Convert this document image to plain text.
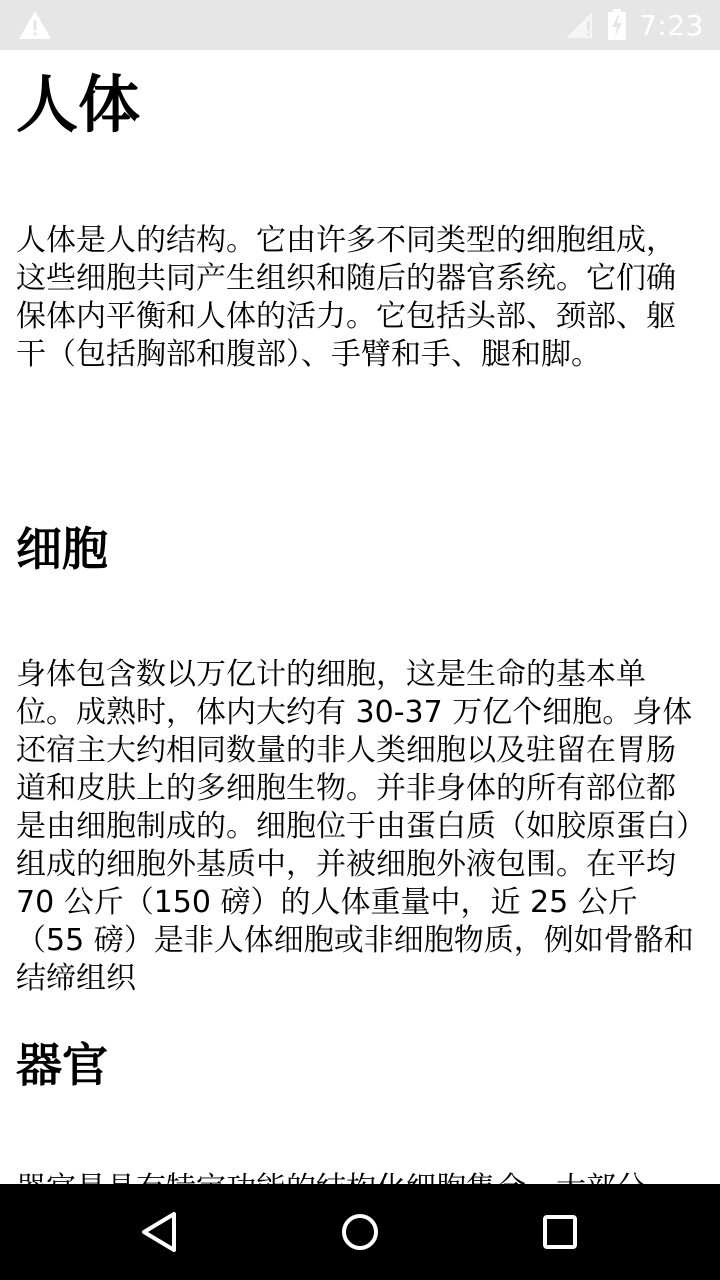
7:23
人体

人体是人的结构。它由许多不同类型的细胞组成，这些细胞共同产生组织和随后的器官系统。它们确保体内平衡和人体的活力。它包括头部、颈部、躯干（包括胸部和腹部）、手臂和手、腿和脚。

细胞

身体包含数以万亿计的细胞，这是生命的基本单位。成熟时，体内大约有 30-37 万亿个细胞。身体还宿主大约相同数量的非人类细胞以及驻留在胃肠道和皮肤上的多细胞生物。并非身体的所有部位都是由细胞制成的。细胞位于由蛋白质（如胶原蛋白）组成的细胞外基质中，并被细胞外液包围。在平均 70 公斤（150 磅）的人体重量中，近 25 公斤（55 磅）是非人体细胞或非细胞物质，例如骨骼和结缔组织

器官
